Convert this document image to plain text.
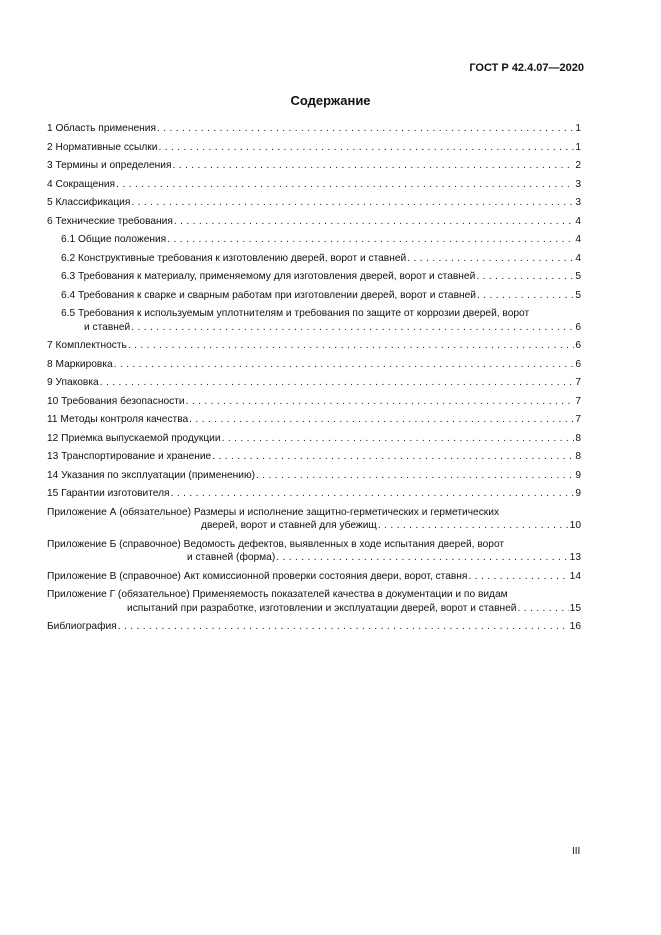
ГОСТ Р 42.4.07—2020
Содержание
1 Область применения . . .	1
2 Нормативные ссылки . . .	1
3 Термины и определения . . .	2
4 Сокращения . . .	3
5 Классификация . . .	3
6 Технические требования . . .	4
6.1 Общие положения . . .	4
6.2 Конструктивные требования к изготовлению дверей, ворот и ставней . . .	4
6.3 Требования к материалу, применяемому для изготовления дверей, ворот и ставней . . .	5
6.4 Требования к сварке и сварным работам при изготовлении дверей, ворот и ставней . . .	5
6.5 Требования к используемым уплотнителям и требования по защите от коррозии дверей, ворот
и ставней . . .	6
7 Комплектность . . .	6
8 Маркировка . . .	6
9 Упаковка . . .	7
10 Требования безопасности . . .	7
11 Методы контроля качества . . .	7
12 Приемка выпускаемой продукции . . .	8
13 Транспортирование и хранение . . .	8
14 Указания по эксплуатации (применению) . . .	9
15 Гарантии изготовителя . . .	9
Приложение А (обязательное) Размеры и исполнение защитно-герметических и герметических
дверей, ворот и ставней для убежищ . . .	10
Приложение Б (справочное) Ведомость дефектов, выявленных в ходе испытания дверей, ворот
и ставней (форма) . . .	13
Приложение В (справочное) Акт комиссионной проверки состояния двери, ворот, ставня . . .	14
Приложение Г (обязательное) Применяемость показателей качества в документации и по видам
испытаний при разработке, изготовлении и эксплуатации дверей, ворот и ставней . . .	15
Библиография . . .	16
III
